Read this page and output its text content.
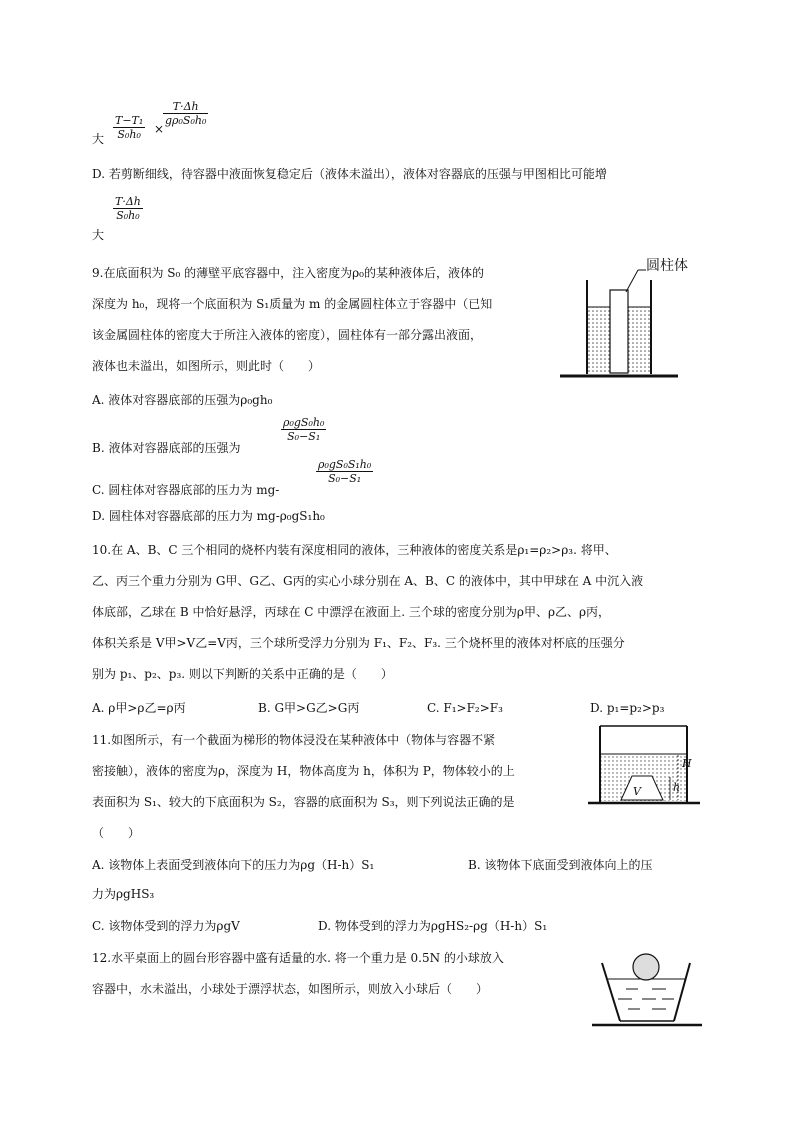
大
T−T₁
S₀h₀ ×
T·Δh
gρ₀S₀h₀
D. 若剪断细线，待容器中液面恢复稳定后（液体未溢出），液体对容器底的压强与甲图相比可能增
大
T·Δh
S₀h₀
9.在底面积为 S₀ 的薄壁平底容器中，注入密度为ρ₀的某种液体后，液体的
深度为 h₀，现将一个底面积为 S₁质量为 m 的金属圆柱体立于容器中（已知
该金属圆柱体的密度大于所注入液体的密度），圆柱体有一部分露出液面，
液体也未溢出，如图所示，则此时（　　）
圆柱体
A. 液体对容器底部的压强为ρ₀gh₀
B. 液体对容器底部的压强为
ρ₀gS₀h₀
S₀−S₁
C. 圆柱体对容器底部的压力为 mg-
ρ₀gS₀S₁h₀
S₀−S₁
D. 圆柱体对容器底部的压力为 mg-ρ₀gS₁h₀
10.在 A、B、C 三个相同的烧杯内装有深度相同的液体，三种液体的密度关系是ρ₁=ρ₂>ρ₃. 将甲、
乙、丙三个重力分别为 G甲、G乙、G丙的实心小球分别在 A、B、C 的液体中，其中甲球在 A 中沉入液
体底部，乙球在 B 中恰好悬浮，丙球在 C 中漂浮在液面上. 三个球的密度分别为ρ甲、ρ乙、ρ丙，
体积关系是 V甲>V乙=V丙，三个球所受浮力分别为 F₁、F₂、F₃. 三个烧杯里的液体对杯底的压强分
别为 p₁、p₂、p₃. 则以下判断的关系中正确的是（　　）
A. ρ甲>ρ乙=ρ丙	B. G甲>G乙>G丙	C. F₁>F₂>F₃	D. p₁=p₂>p₃
11.如图所示，有一个截面为梯形的物体浸没在某种液体中（物体与容器不紧
密接触），液体的密度为ρ，深度为 H，物体高度为 h，体积为 P，物体较小的上
表面积为 S₁、较大的下底面积为 S₂，容器的底面积为 S₃，则下列说法正确的是
（　　）
H
h
V
A. 该物体上表面受到液体向下的压力为ρg（H-h）S₁	B. 该物体下底面受到液体向上的压
力为ρgHS₃
C. 该物体受到的浮力为ρgV	D. 物体受到的浮力为ρgHS₂-ρg（H-h）S₁
12.水平桌面上的圆台形容器中盛有适量的水. 将一个重力是 0.5N 的小球放入
容器中，水未溢出，小球处于漂浮状态，如图所示，则放入小球后（　　）
